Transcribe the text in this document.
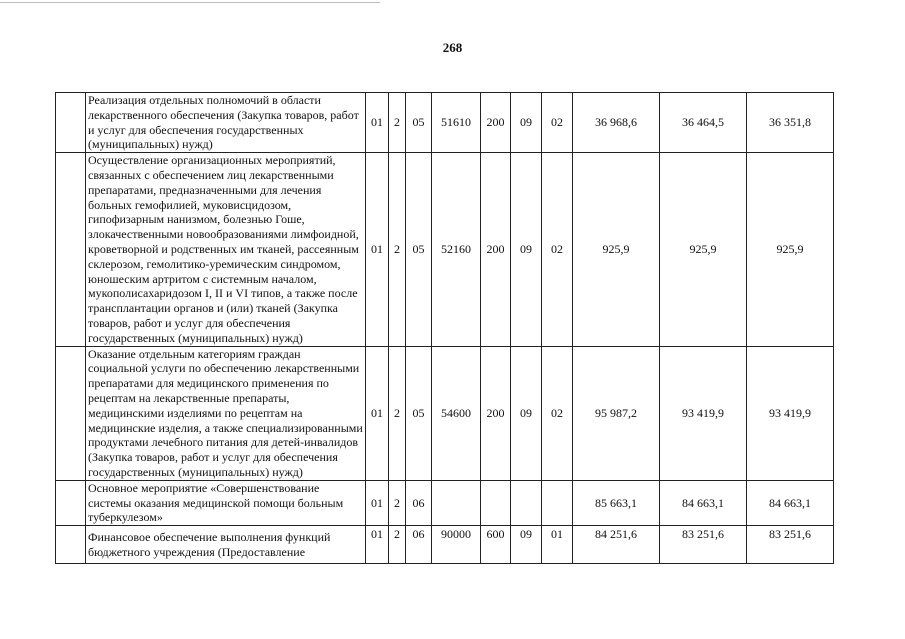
268
	Реализация отдельных полномочий в области лекарственного обеспечения (Закупка товаров, работ и услуг для обеспечения государственных (муниципальных) нужд)	01	2	05	51610	200	09	02	36 968,6	36 464,5	36 351,8
	Осуществление организационных мероприятий, связанных с обеспечением лиц лекарственными препаратами, предназначенными для лечения больных гемофилией, муковисцидозом, гипофизарным нанизмом, болезнью Гоше, злокачественными новообразованиями лимфоидной, кроветворной и родственных им тканей, рассеянным склерозом, гемолитико-уремическим синдромом, юношеским артритом с системным началом, мукополисахаридозом I, II и VI типов, а также после трансплантации органов и (или) тканей (Закупка товаров, работ и услуг для обеспечения государственных (муниципальных) нужд)	01	2	05	52160	200	09	02	925,9	925,9	925,9
	Оказание отдельным категориям граждан социальной услуги по обеспечению лекарственными препаратами для медицинского применения по рецептам на лекарственные препараты, медицинскими изделиями по рецептам на медицинские изделия, а также специализированными продуктами лечебного питания для детей-инвалидов (Закупка товаров, работ и услуг для обеспечения государственных (муниципальных) нужд)	01	2	05	54600	200	09	02	95 987,2	93 419,9	93 419,9
	Основное мероприятие «Совершенствование системы оказания медицинской помощи больным туберкулезом»	01	2	06					85 663,1	84 663,1	84 663,1
	Финансовое обеспечение выполнения функций бюджетного учреждения (Предоставление	01	2	06	90000	600	09	01	84 251,6	83 251,6	83 251,6
